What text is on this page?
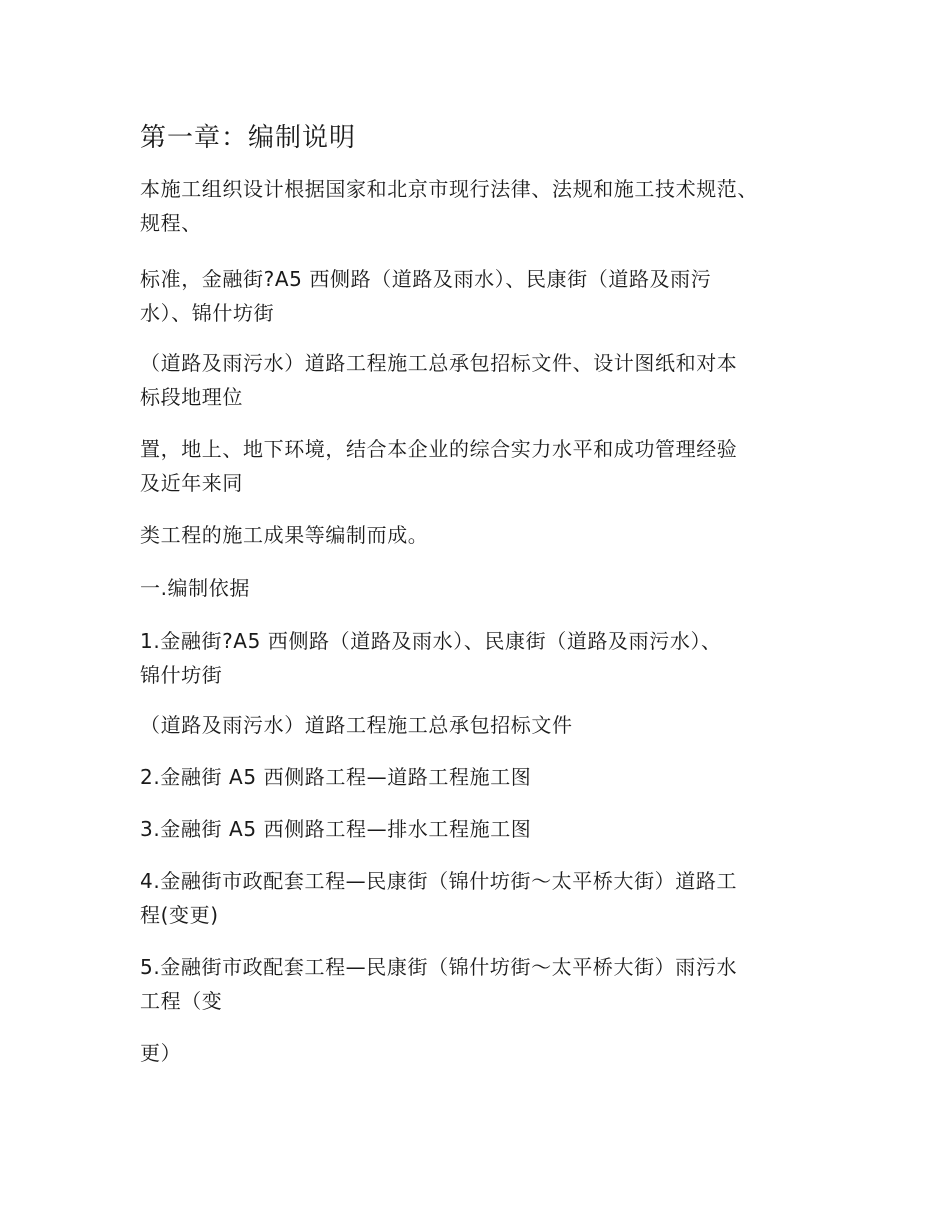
第一章：编制说明
本施工组织设计根据国家和北京市现行法律、法规和施工技术规范、
规程、
标准，金融街?A5 西侧路（道路及雨水）、民康街（道路及雨污
水）、锦什坊街
（道路及雨污水）道路工程施工总承包招标文件、设计图纸和对本
标段地理位
置，地上、地下环境，结合本企业的综合实力水平和成功管理经验
及近年来同
类工程的施工成果等编制而成。
一.编制依据
1.金融街?A5 西侧路（道路及雨水）、民康街（道路及雨污水）、
锦什坊街
（道路及雨污水）道路工程施工总承包招标文件
2.金融街 A5 西侧路工程—道路工程施工图
3.金融街 A5 西侧路工程—排水工程施工图
4.金融街市政配套工程—民康街（锦什坊街～太平桥大街）道路工
程(变更)
5.金融街市政配套工程—民康街（锦什坊街～太平桥大街）雨污水
工程（变
更）
